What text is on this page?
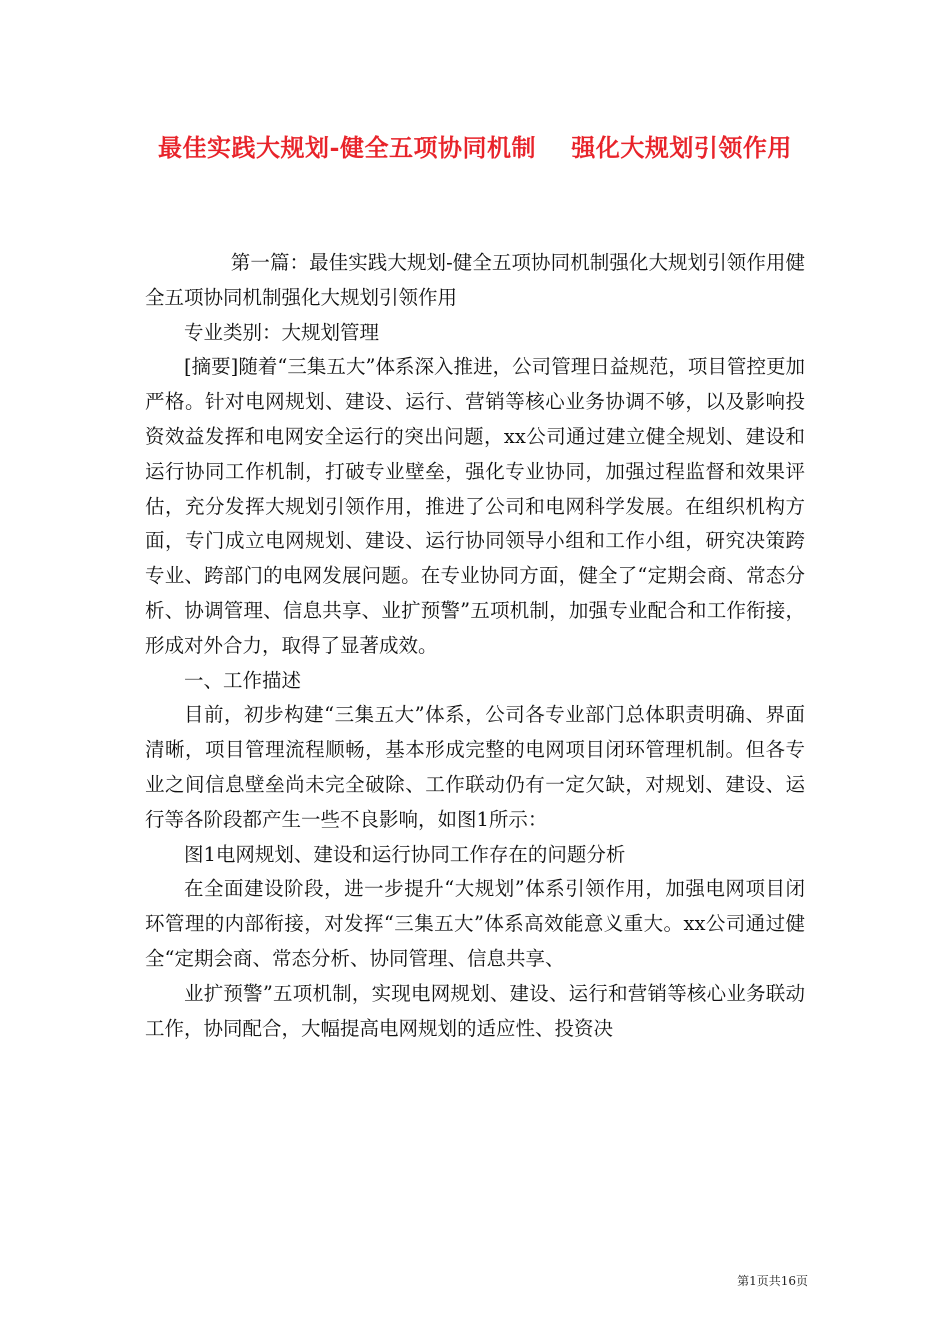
最佳实践大规划-健全五项协同机制    强化大规划引领作用

第一篇：最佳实践大规划-健全五项协同机制强化大规划引领作用健全五项协同机制强化大规划引领作用

专业类别：大规划管理

[摘要]随着“三集五大”体系深入推进，公司管理日益规范，项目管控更加严格。针对电网规划、建设、运行、营销等核心业务协调不够，以及影响投资效益发挥和电网安全运行的突出问题，xx公司通过建立健全规划、建设和运行协同工作机制，打破专业壁垒，强化专业协同，加强过程监督和效果评估，充分发挥大规划引领作用，推进了公司和电网科学发展。在组织机构方面，专门成立电网规划、建设、运行协同领导小组和工作小组，研究决策跨专业、跨部门的电网发展问题。在专业协同方面，健全了“定期会商、常态分析、协调管理、信息共享、业扩预警”五项机制，加强专业配合和工作衔接，形成对外合力，取得了显著成效。

一、工作描述

目前，初步构建“三集五大”体系，公司各专业部门总体职责明确、界面清晰，项目管理流程顺畅，基本形成完整的电网项目闭环管理机制。但各专业之间信息壁垒尚未完全破除、工作联动仍有一定欠缺，对规划、建设、运行等各阶段都产生一些不良影响，如图1所示：

图1电网规划、建设和运行协同工作存在的问题分析

在全面建设阶段，进一步提升“大规划”体系引领作用，加强电网项目闭环管理的内部衔接，对发挥“三集五大”体系高效能意义重大。xx公司通过健全“定期会商、常态分析、协同管理、信息共享、

业扩预警”五项机制，实现电网规划、建设、运行和营销等核心业务联动工作，协同配合，大幅提高电网规划的适应性、投资决

第1页共16页
